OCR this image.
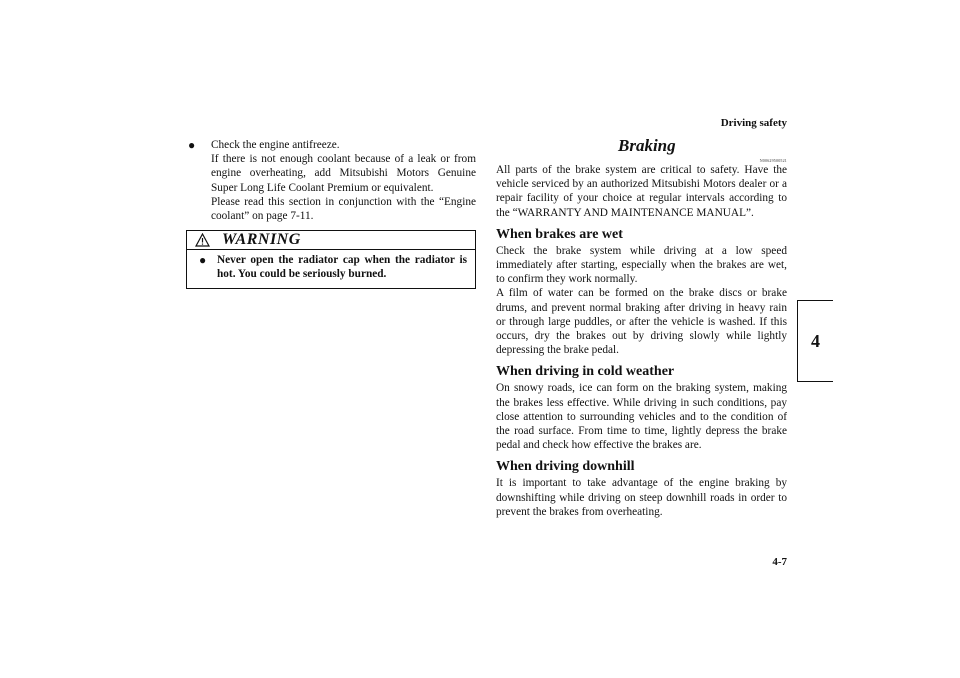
Driving safety
4
● Check the engine antifreeze.
If there is not enough coolant because of a leak or from engine overheating, add Mitsubishi Motors Genuine Super Long Life Coolant Premium or equivalent.
Please read this section in conjunction with the “Engine coolant” on page 7-11.

WARNING
● Never open the radiator cap when the radiator is hot. You could be seriously burned.

Braking
N00629500521

All parts of the brake system are critical to safety. Have the vehicle serviced by an authorized Mitsubishi Motors dealer or a repair facility of your choice at regular intervals according to the “WARRANTY AND MAINTENANCE MANUAL”.

When brakes are wet

Check the brake system while driving at a low speed immediately after starting, especially when the brakes are wet, to confirm they work normally.
A film of water can be formed on the brake discs or brake drums, and prevent normal braking after driving in heavy rain or through large puddles, or after the vehicle is washed. If this occurs, dry the brakes out by driving slowly while lightly depressing the brake pedal.

When driving in cold weather

On snowy roads, ice can form on the braking system, making the brakes less effective. While driving in such conditions, pay close attention to surrounding vehicles and to the condition of the road surface. From time to time, lightly depress the brake pedal and check how effective the brakes are.

When driving downhill

It is important to take advantage of the engine braking by downshifting while driving on steep downhill roads in order to prevent the brakes from overheating.

4-7
